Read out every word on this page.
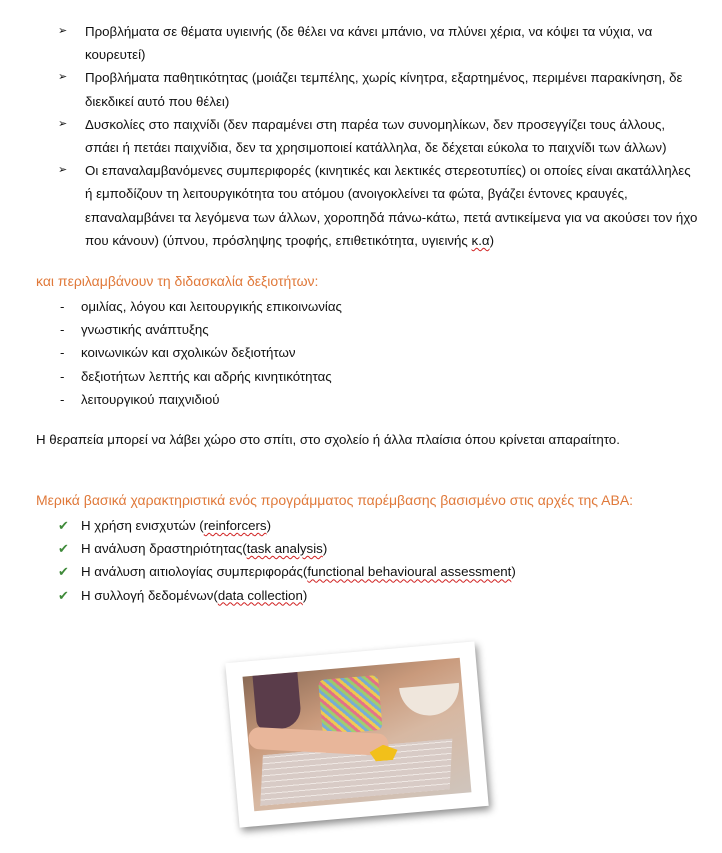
➢ Προβλήματα σε θέματα υγιεινής (δε θέλει να κάνει μπάνιο, να πλύνει χέρια, να κόψει τα νύχια, να κουρευτεί)
➢ Προβλήματα παθητικότητας (μοιάζει τεμπέλης, χωρίς κίνητρα, εξαρτημένος, περιμένει παρακίνηση, δε διεκδικεί αυτό που θέλει)
➢ Δυσκολίες στο παιχνίδι (δεν παραμένει στη παρέα των συνομηλίκων, δεν προσεγγίζει τους άλλους, σπάει ή πετάει παιχνίδια, δεν τα χρησιμοποιεί κατάλληλα, δε δέχεται εύκολα το παιχνίδι των άλλων)
➢ Οι επαναλαμβανόμενες συμπεριφορές (κινητικές και λεκτικές στερεοτυπίες) οι οποίες είναι ακατάλληλες ή εμποδίζουν τη λειτουργικότητα του ατόμου (ανοιγοκλείνει τα φώτα, βγάζει έντονες κραυγές, επαναλαμβάνει τα λεγόμενα των άλλων, χοροπηδά πάνω-κάτω, πετά αντικείμενα για να ακούσει τον ήχο που κάνουν) (ύπνου, πρόσληψης τροφής, επιθετικότητα, υγιεινής κ.α)
και περιλαμβάνουν τη διδασκαλία δεξιοτήτων:
- ομιλίας, λόγου και λειτουργικής επικοινωνίας
- γνωστικής ανάπτυξης
- κοινωνικών και σχολικών δεξιοτήτων
- δεξιοτήτων λεπτής και αδρής κινητικότητας
- λειτουργικού παιχνιδιού
Η θεραπεία μπορεί να λάβει χώρο στο σπίτι, στο σχολείο ή άλλα πλαίσια όπου κρίνεται απαραίτητο.
Μερικά βασικά χαρακτηριστικά ενός προγράμματος παρέμβασης βασισμένο στις αρχές της ΑΒΑ:
✔ Η χρήση ενισχυτών (reinforcers)
✔ Η ανάλυση δραστηριότητας(task analysis)
✔ Η ανάλυση αιτιολογίας συμπεριφοράς(functional behavioural assessment)
✔ Η συλλογή δεδομένων(data collection)
